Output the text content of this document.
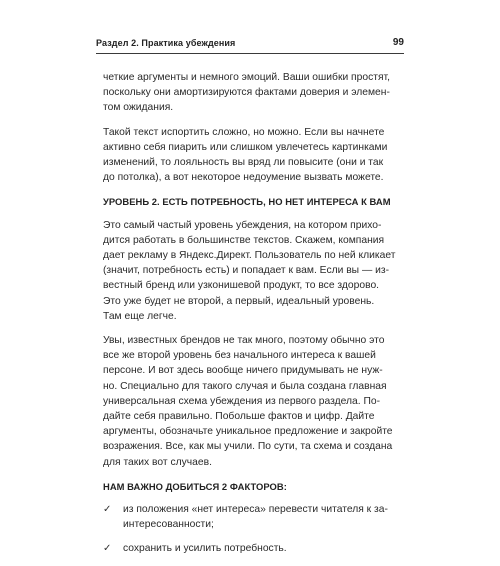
Раздел 2. Практика убеждения	99

четкие аргументы и немного эмоций. Ваши ошибки простят,
поскольку они амортизируются фактами доверия и элемен-
том ожидания.

Такой текст испортить сложно, но можно. Если вы начнете
активно себя пиарить или слишком увлечетесь картинками
изменений, то лояльность вы вряд ли повысите (они и так
до потолка), а вот некоторое недоумение вызвать можете.

УРОВЕНЬ 2. ЕСТЬ ПОТРЕБНОСТЬ, НО НЕТ ИНТЕРЕСА К ВАМ

Это самый частый уровень убеждения, на котором прихо-
дится работать в большинстве текстов. Скажем, компания
дает рекламу в Яндекс.Директ. Пользователь по ней кликает
(значит, потребность есть) и попадает к вам. Если вы — из-
вестный бренд или узконишевой продукт, то все здорово.
Это уже будет не второй, а первый, идеальный уровень.
Там еще легче.

Увы, известных брендов не так много, поэтому обычно это
все же второй уровень без начального интереса к вашей
персоне. И вот здесь вообще ничего придумывать не нуж-
но. Специально для такого случая и была создана главная
универсальная схема убеждения из первого раздела. По-
дайте себя правильно. Побольше фактов и цифр. Дайте
аргументы, обозначьте уникальное предложение и закройте
возражения. Все, как мы учили. По сути, та схема и создана
для таких вот случаев.

НАМ ВАЖНО ДОБИТЬСЯ 2 ФАКТОРОВ:
✓ из положения «нет интереса» перевести читателя к за-
интересованности;
✓ сохранить и усилить потребность.
